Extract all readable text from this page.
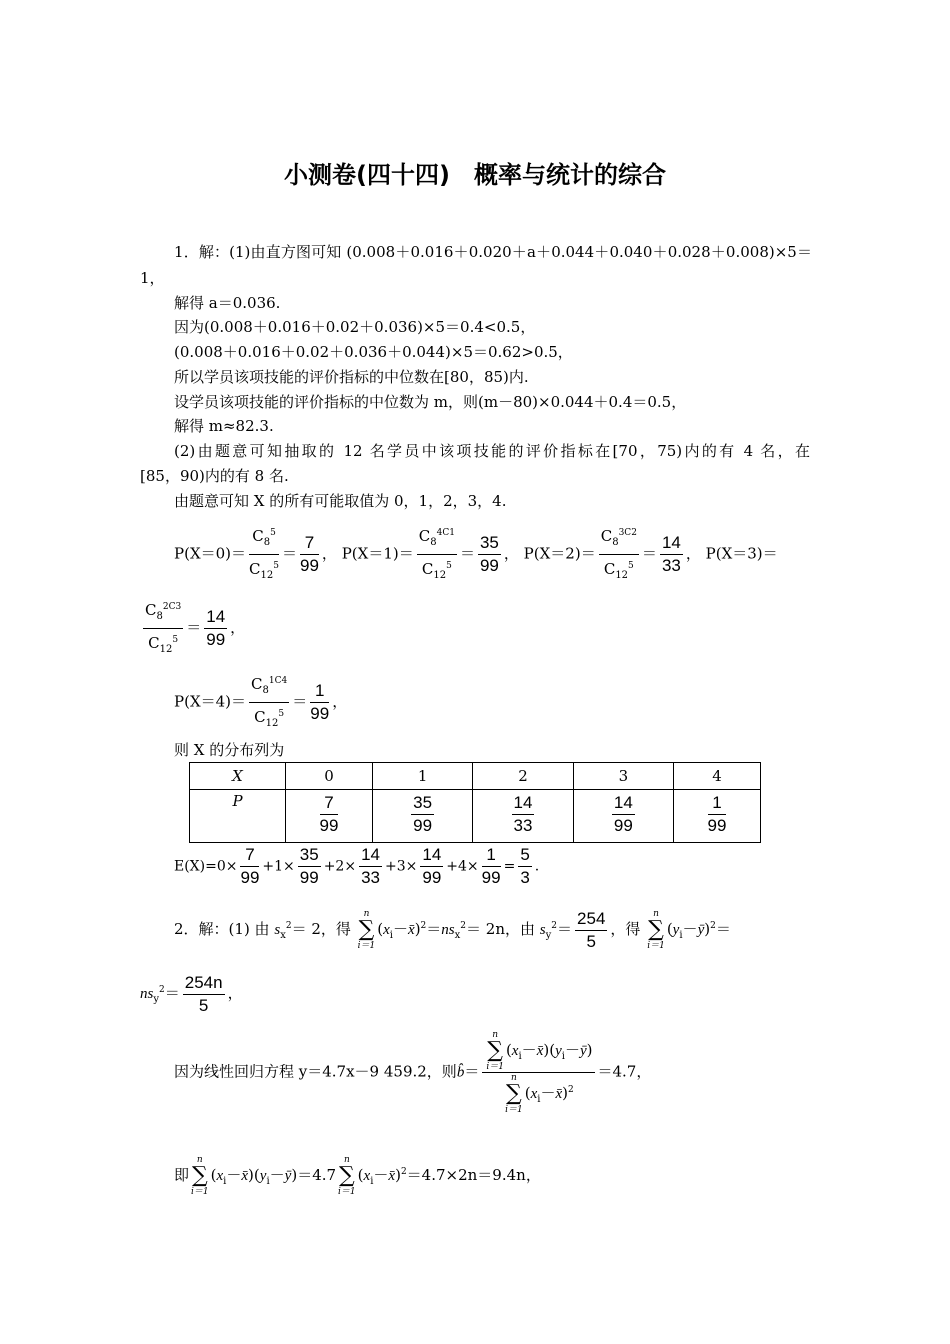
小测卷(四十四)　概率与统计的综合
1．解：(1)由直方图可知 (0.008＋0.016＋0.020＋a＋0.044＋0.040＋0.028＋0.008)×5＝
1，
解得 a＝0.036.
因为(0.008＋0.016＋0.02＋0.036)×5＝0.4<0.5，
(0.008＋0.016＋0.02＋0.036＋0.044)×5＝0.62>0.5，
所以学员该项技能的评价指标的中位数在[80，85)内.
设学员该项技能的评价指标的中位数为 m，则(m－80)×0.044＋0.4＝0.5，
解得 m≈82.3.
(2)由题意可知抽取的 12 名学员中该项技能的评价指标在[70，75)内的有 4 名，在
[85，90)内的有 8 名.
由题意可知 X 的所有可能取值为 0，1，2，3，4.
$P(X=0)= \frac{C_8^5}{C_{12}^5} = \frac{7}{99}$ ， $P(X=1)= \frac{C_8^{4C1}}{C_{12}^5} = \frac{35}{99}$ ， $P(X=2)= \frac{C_8^{3C2}}{C_{12}^5} = \frac{14}{33}$ ， P(X＝3)＝
$\frac{C_8^{2C3}}{C_{12}^5} = \frac{14}{99}$ ，
$P(X=4)= \frac{C_8^{1C4}}{C_{12}^5} = \frac{1}{99}$ ，
则 X 的分布列为
X	0	1	2	3	4
P	$\frac{7}{99}$	$\frac{35}{99}$	$\frac{14}{33}$	$\frac{14}{99}$	$\frac{1}{99}$
$E(X)=0\times \frac{7}{99} +1\times \frac{35}{99} +2\times \frac{14}{33} +3\times \frac{14}{99} +4\times \frac{1}{99} = \frac{5}{3}$ .
2．解：(1) 由 $s_x^2= 2$，得
n
∑
i＝1
$(x_i-x̄)^2=ns_x^2= 2n$，由 $s_y^2= \frac{254}{5}$ ，得
n
∑
i＝1
$(y_i-ȳ)^2=$
$ns_y^2= \frac{254n}{5}$ ，
因为线性回归方程 y＝4.7x－9 459.2，则b̂＝ n
∑
i＝1
$(x_i-x̄)(y_i-ȳ)$
n
∑
i＝1
$(x_i-x̄)^2 =4.7$，
即
n
∑
i＝1
$(x_i-x̄)(y_i-ȳ)=4.7$
n
∑
i＝1
$(x_i-x̄)^2=4.7\times 2n=9.4n$，
